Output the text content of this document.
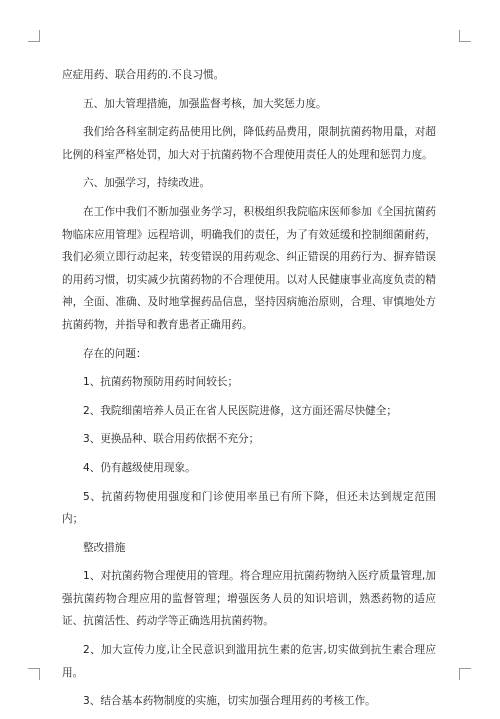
应症用药、联合用药的.不良习惯。

五、加大管理措施，加强监督考核，加大奖惩力度。

我们给各科室制定药品使用比例，降低药品费用，限制抗菌药物用量，对超比例的科室严格处罚，加大对于抗菌药物不合理使用责任人的处理和惩罚力度。

六、加强学习，持续改进。

在工作中我们不断加强业务学习，积极组织我院临床医师参加《全国抗菌药物临床应用管理》远程培训，明确我们的责任，为了有效延缓和控制细菌耐药，我们必须立即行动起来，转变错误的用药观念、纠正错误的用药行为、摒弃错误的用药习惯，切实减少抗菌药物的不合理使用。以对人民健康事业高度负责的精神，全面、准确、及时地掌握药品信息，坚持因病施治原则，合理、审慎地处方抗菌药物，并指导和教育患者正确用药。

存在的问题：

1、抗菌药物预防用药时间较长；

2、我院细菌培养人员正在省人民医院进修，这方面还需尽快健全；

3、更换品种、联合用药依据不充分；

4、仍有越级使用现象。

5、抗菌药物使用强度和门诊使用率虽已有所下降，但还未达到规定范围内；

整改措施

1、对抗菌药物合理使用的管理。将合理应用抗菌药物纳入医疗质量管理,加强抗菌药物合理应用的监督管理；增强医务人员的知识培训，熟悉药物的适应证、抗菌活性、药动学等正确选用抗菌药物。

2、加大宣传力度,让全民意识到滥用抗生素的危害,切实做到抗生素合理应用。

3、结合基本药物制度的实施，切实加强合理用药的考核工作。
